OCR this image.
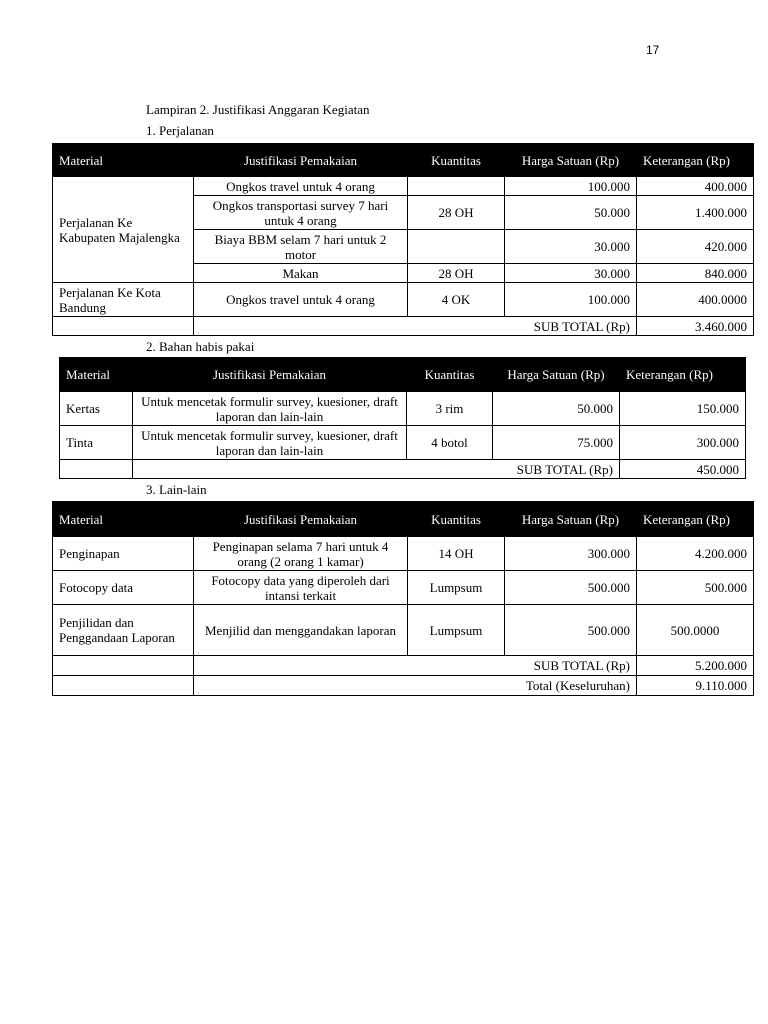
17
Lampiran 2. Justifikasi Anggaran Kegiatan
1. Perjalanan
Material	Justifikasi Pemakaian	Kuantitas	Harga Satuan (Rp)	Keterangan (Rp)
Perjalanan Ke Kabupaten Majalengka	Ongkos travel untuk 4 orang		100.000	400.000
	Ongkos transportasi survey 7 hari untuk 4 orang	28 OH	50.000	1.400.000
	Biaya BBM selam 7 hari untuk 2 motor		30.000	420.000
	Makan	28 OH	30.000	840.000
Perjalanan Ke Kota Bandung	Ongkos travel untuk 4 orang	4 OK	100.000	400.0000
	SUB TOTAL (Rp)			3.460.000
2. Bahan habis pakai
Material	Justifikasi Pemakaian	Kuantitas	Harga Satuan (Rp)	Keterangan (Rp)
Kertas	Untuk mencetak formulir survey, kuesioner, draft laporan dan lain-lain	3 rim	50.000	150.000
Tinta	Untuk mencetak formulir survey, kuesioner, draft laporan dan lain-lain	4 botol	75.000	300.000
	SUB TOTAL (Rp)			450.000
3. Lain-lain
Material	Justifikasi Pemakaian	Kuantitas	Harga Satuan (Rp)	Keterangan (Rp)
Penginapan	Penginapan selama 7 hari untuk 4 orang (2 orang 1 kamar)	14 OH	300.000	4.200.000
Fotocopy data	Fotocopy data yang diperoleh dari intansi terkait	Lumpsum	500.000	500.000
Penjilidan dan Penggandaan Laporan	Menjilid dan menggandakan laporan	Lumpsum	500.000	500.0000
	SUB TOTAL (Rp)			5.200.000
	Total (Keseluruhan)			9.110.000
